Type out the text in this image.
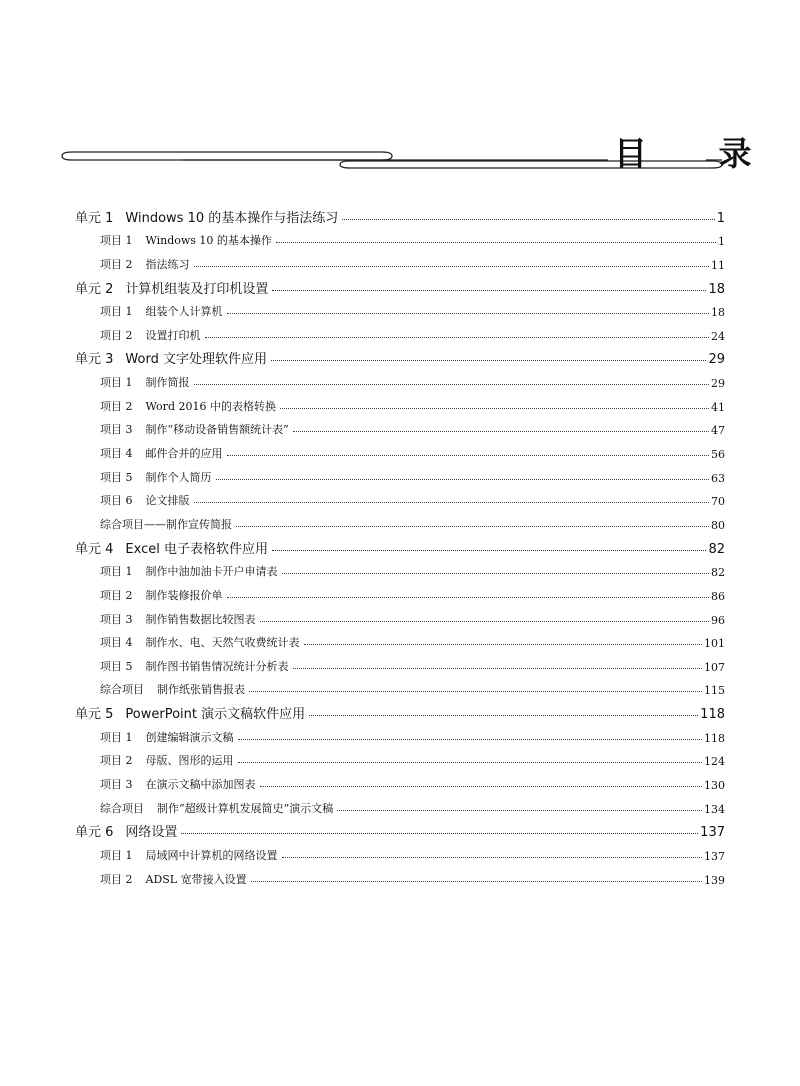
目 录
单元 1 Windows 10 的基本操作与指法练习	1
项目 1 Windows 10 的基本操作	1
项目 2 指法练习	11
单元 2 计算机组装及打印机设置	18
项目 1 组装个人计算机	18
项目 2 设置打印机	24
单元 3 Word 文字处理软件应用	29
项目 1 制作简报	29
项目 2 Word 2016 中的表格转换	41
项目 3 制作“移动设备销售额统计表”	47
项目 4 邮件合并的应用	56
项目 5 制作个人简历	63
项目 6 论文排版	70
综合项目——制作宣传简报	80
单元 4 Excel 电子表格软件应用	82
项目 1 制作中油加油卡开户申请表	82
项目 2 制作装修报价单	86
项目 3 制作销售数据比较图表	96
项目 4 制作水、电、天然气收费统计表	101
项目 5 制作图书销售情况统计分析表	107
综合项目 制作纸张销售报表	115
单元 5 PowerPoint 演示文稿软件应用	118
项目 1 创建编辑演示文稿	118
项目 2 母版、图形的运用	124
项目 3 在演示文稿中添加图表	130
综合项目 制作“超级计算机发展简史”演示文稿	134
单元 6 网络设置	137
项目 1 局域网中计算机的网络设置	137
项目 2 ADSL 宽带接入设置	139
